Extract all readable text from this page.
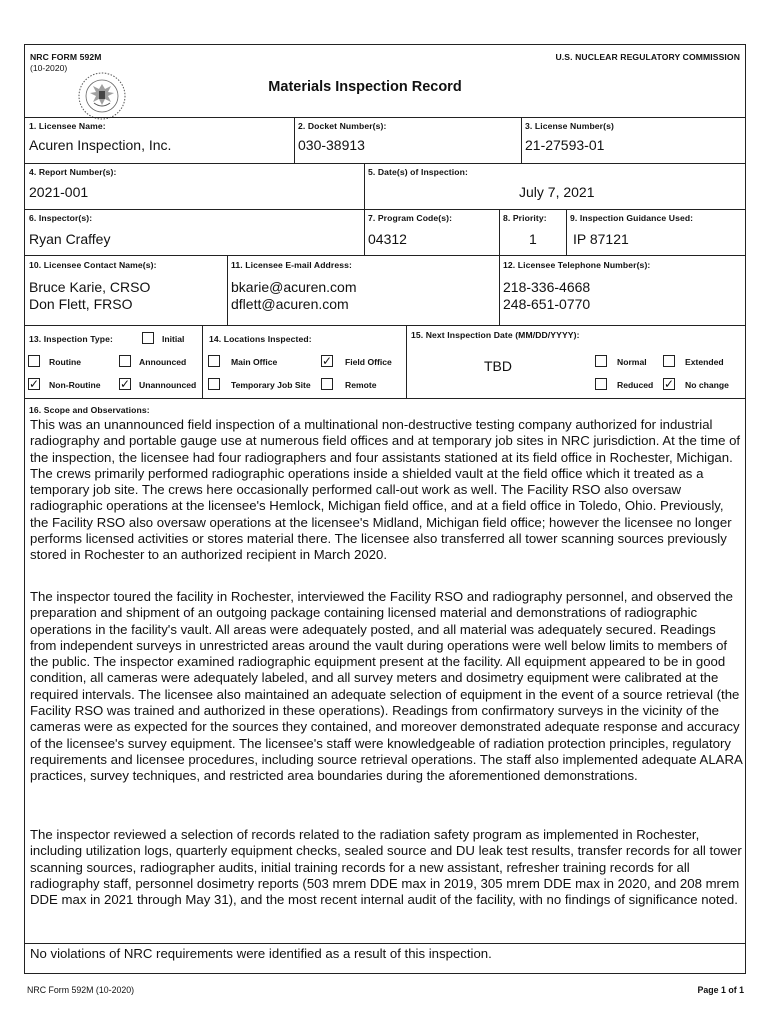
NRC FORM 592M
(10-2020)
U.S. NUCLEAR REGULATORY COMMISSION
Materials Inspection Record
1. Licensee Name:
Acuren Inspection, Inc.
2. Docket Number(s):
030-38913
3. License Number(s)
21-27593-01
4. Report Number(s):
2021-001
5. Date(s) of Inspection:
July 7, 2021
6. Inspector(s):
Ryan Craffey
7. Program Code(s):
04312
8. Priority:
1
9. Inspection Guidance Used:
IP 87121
10. Licensee Contact Name(s):
Bruce Karie, CRSO
Don Flett, FRSO
11. Licensee E-mail Address:
bkarie@acuren.com
dflett@acuren.com
12. Licensee Telephone Number(s):
218-336-4668
248-651-0770
13. Inspection Type:	Initial
Routine	Announced
✓ Non-Routine ✓ Unannounced
14. Locations Inspected:
Main Office	✓ Field Office
Temporary Job Site	Remote
15. Next Inspection Date (MM/DD/YYYY):
TBD	Normal	Extended
Reduced ✓ No change
16. Scope and Observations:

This was an unannounced field inspection of a multinational non-destructive testing company authorized for industrial radiography and portable gauge use at numerous field offices and at temporary job sites in NRC jurisdiction. At the time of the inspection, the licensee had four radiographers and four assistants stationed at its field office in Rochester, Michigan. The crews primarily performed radiographic operations inside a shielded vault at the field office which it treated as a temporary job site. The crews here occasionally performed call-out work as well. The Facility RSO also oversaw radiographic operations at the licensee's Hemlock, Michigan field office, and at a field office in Toledo, Ohio. Previously, the Facility RSO also oversaw operations at the licensee's Midland, Michigan field office; however the licensee no longer performs licensed activities or stores material there. The licensee also transferred all tower scanning sources previously stored in Rochester to an authorized recipient in March 2020.

The inspector toured the facility in Rochester, interviewed the Facility RSO and radiography personnel, and observed the preparation and shipment of an outgoing package containing licensed material and demonstrations of radiographic operations in the facility's vault. All areas were adequately posted, and all material was adequately secured. Readings from independent surveys in unrestricted areas around the vault during operations were well below limits to members of the public. The inspector examined radiographic equipment present at the facility. All equipment appeared to be in good condition, all cameras were adequately labeled, and all survey meters and dosimetry equipment were calibrated at the required intervals. The licensee also maintained an adequate selection of equipment in the event of a source retrieval (the Facility RSO was trained and authorized in these operations). Readings from confirmatory surveys in the vicinity of the cameras were as expected for the sources they contained, and moreover demonstrated adequate response and accuracy of the licensee's survey equipment. The licensee's staff were knowledgeable of radiation protection principles, regulatory requirements and licensee procedures, including source retrieval operations. The staff also implemented adequate ALARA practices, survey techniques, and restricted area boundaries during the aforementioned demonstrations.

The inspector reviewed a selection of records related to the radiation safety program as implemented in Rochester, including utilization logs, quarterly equipment checks, sealed source and DU leak test results, transfer records for all tower scanning sources, radiographer audits, initial training records for a new assistant, refresher training records for all radiography staff, personnel dosimetry reports (503 mrem DDE max in 2019, 305 mrem DDE max in 2020, and 208 mrem DDE max in 2021 through May 31), and the most recent internal audit of the facility, with no findings of significance noted.

No violations of NRC requirements were identified as a result of this inspection.

NRC Form 592M (10-2020)	Page 1 of 1
